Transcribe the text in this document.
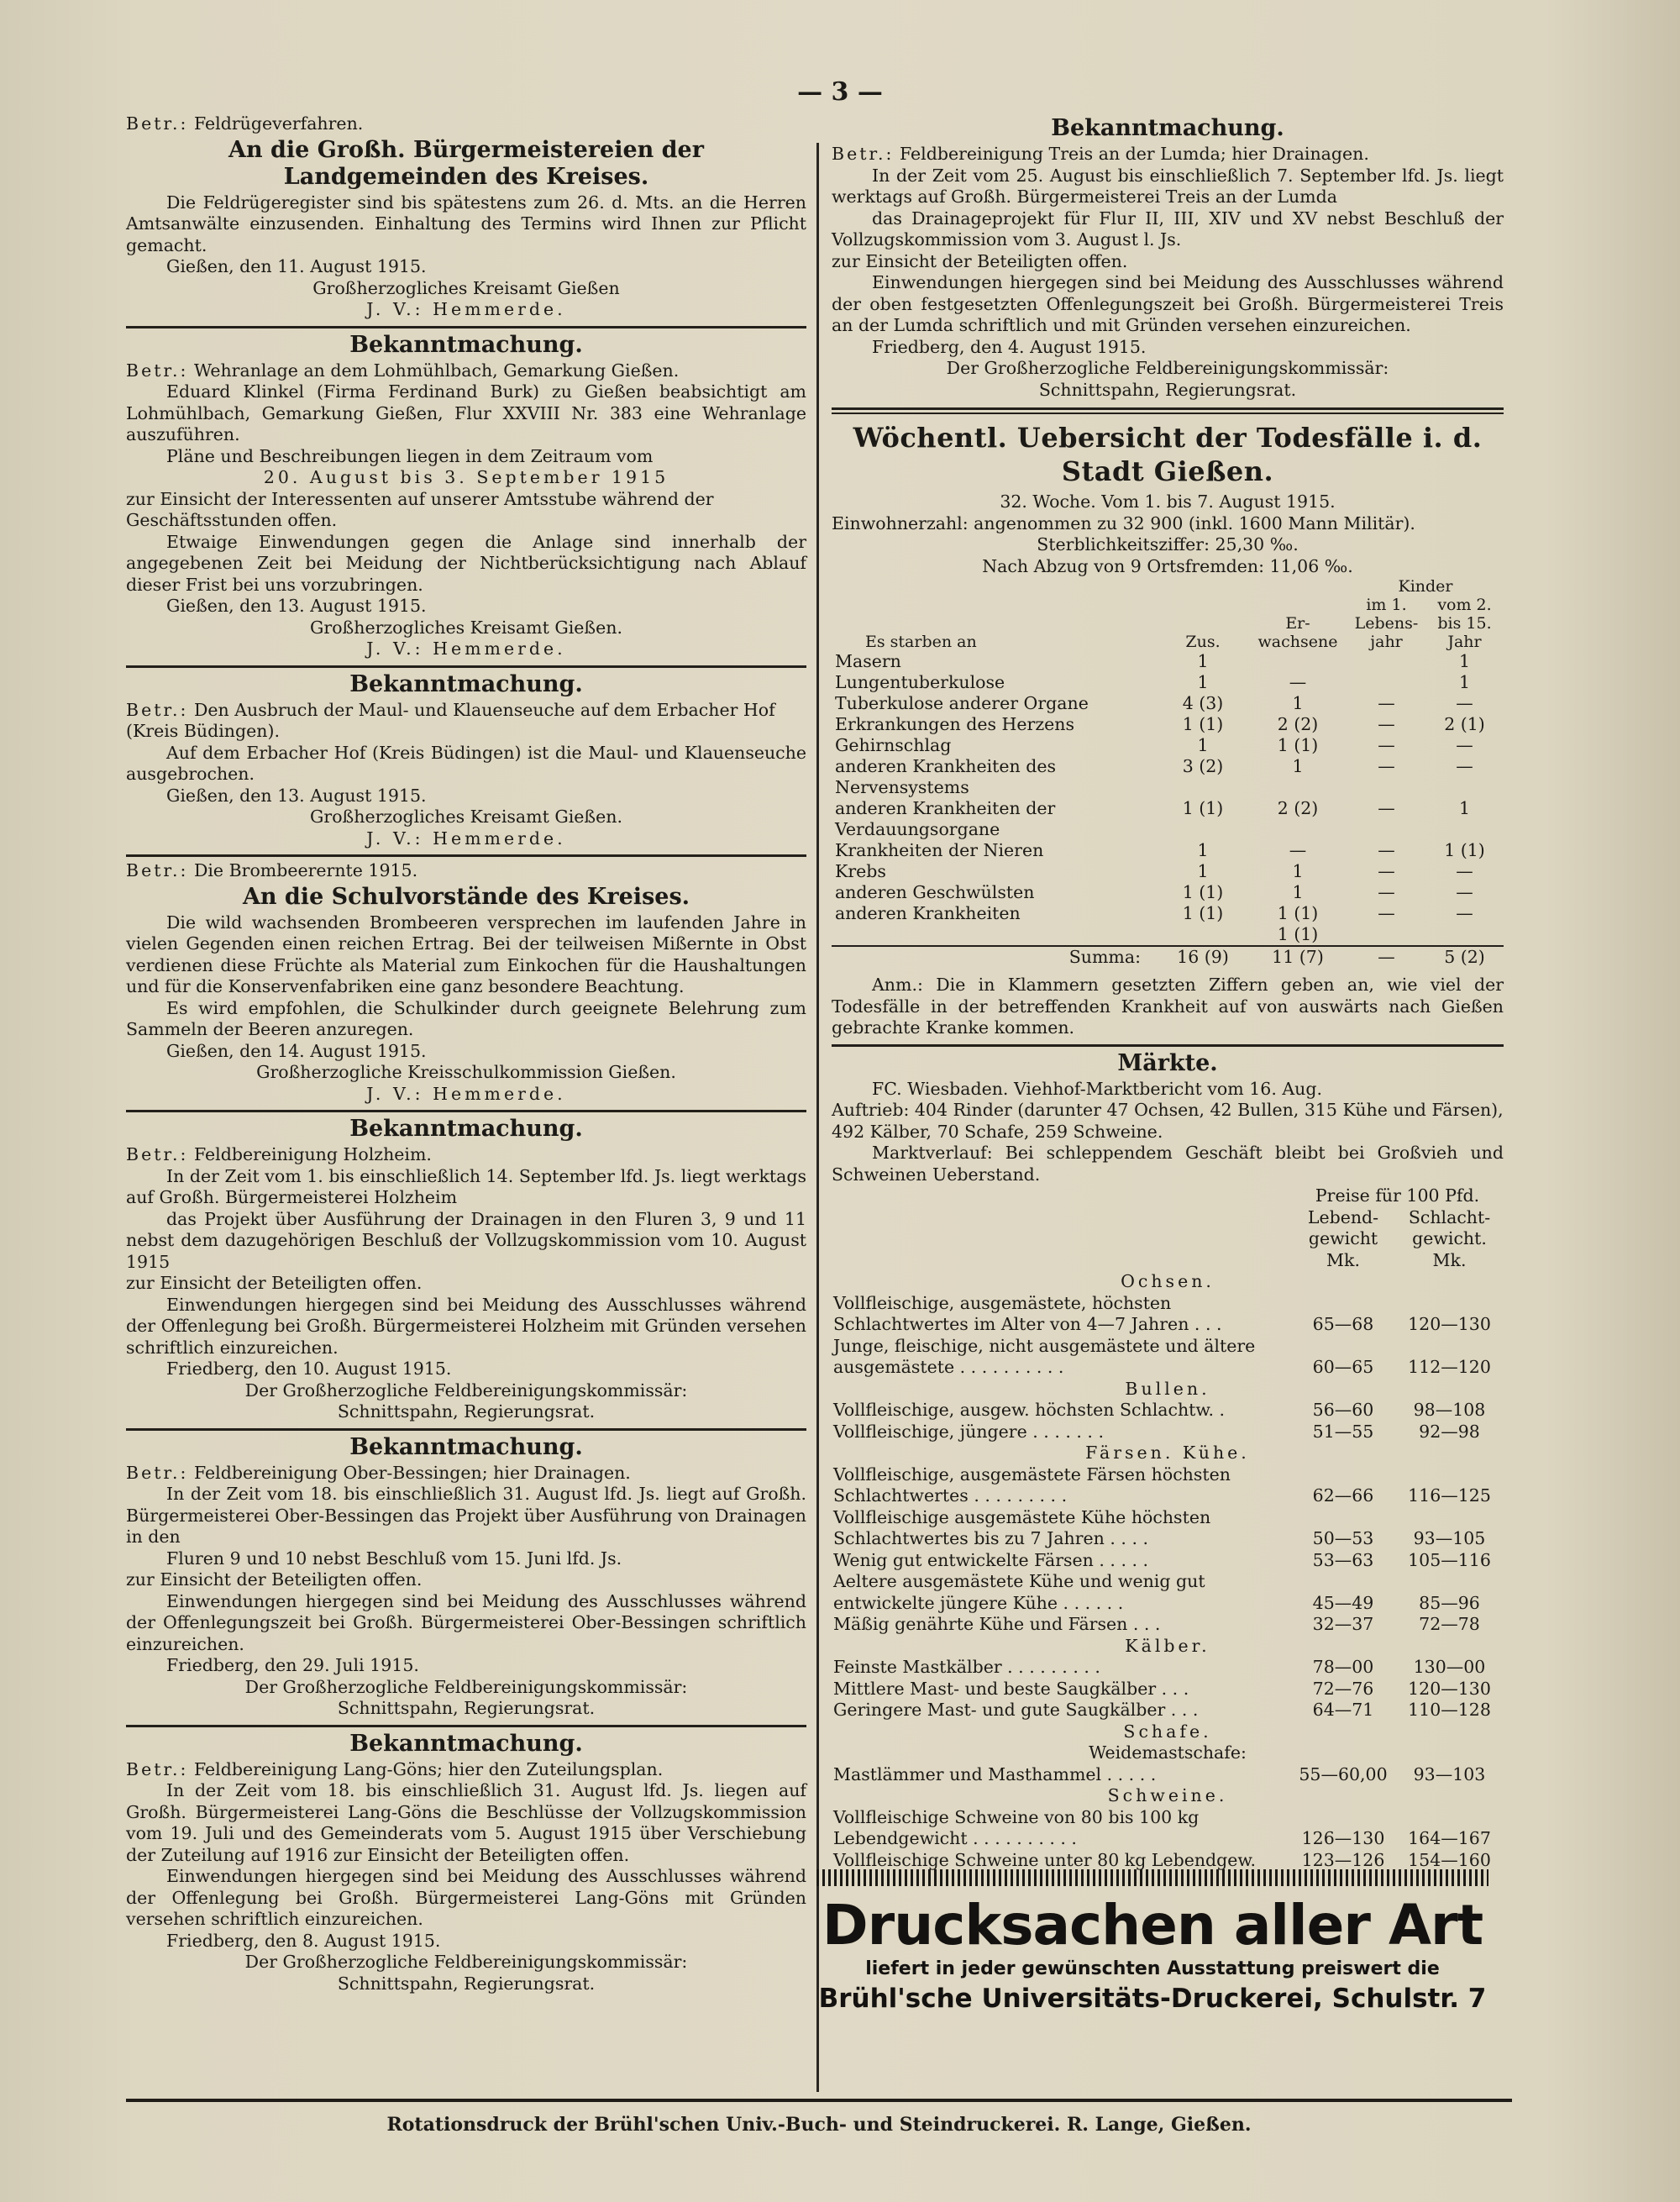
— 3 —

Betr.: Feldrügeverfahren.

An die Großh. Bürgermeistereien der Landgemeinden des Kreises.

Die Feldrügeregister sind bis spätestens zum 26. d. Mts. an die Herren Amtsanwälte einzusenden. Einhaltung des Termins wird Ihnen zur Pflicht gemacht.

Gießen, den 11. August 1915.

Großherzogliches Kreisamt Gießen

J. V.: Hemmerde.

Bekanntmachung.

Betr.: Wehranlage an dem Lohmühlbach, Gemarkung Gießen.

Eduard Klinkel (Firma Ferdinand Burk) zu Gießen beabsichtigt am Lohmühlbach, Gemarkung Gießen, Flur XXVIII Nr. 383 eine Wehranlage auszuführen.

Pläne und Beschreibungen liegen in dem Zeitraum vom

20. August bis 3. September 1915

zur Einsicht der Interessenten auf unserer Amtsstube während der Geschäftsstunden offen.

Etwaige Einwendungen gegen die Anlage sind innerhalb der angegebenen Zeit bei Meidung der Nichtberücksichtigung nach Ablauf dieser Frist bei uns vorzubringen.

Gießen, den 13. August 1915.

Großherzogliches Kreisamt Gießen.

J. V.: Hemmerde.

Bekanntmachung.

Betr.: Den Ausbruch der Maul- und Klauenseuche auf dem Erbacher Hof (Kreis Büdingen).

Auf dem Erbacher Hof (Kreis Büdingen) ist die Maul- und Klauenseuche ausgebrochen.

Gießen, den 13. August 1915.

Großherzogliches Kreisamt Gießen.

J. V.: Hemmerde.

Betr.: Die Brombeerernte 1915.

An die Schulvorstände des Kreises.

Die wild wachsenden Brombeeren versprechen im laufenden Jahre in vielen Gegenden einen reichen Ertrag. Bei der teilweisen Mißernte in Obst verdienen diese Früchte als Material zum Einkochen für die Haushaltungen und für die Konservenfabriken eine ganz besondere Beachtung.

Es wird empfohlen, die Schulkinder durch geeignete Belehrung zum Sammeln der Beeren anzuregen.

Gießen, den 14. August 1915.

Großherzogliche Kreisschulkommission Gießen.

J. V.: Hemmerde.

Bekanntmachung.

Betr.: Feldbereinigung Holzheim.

In der Zeit vom 1. bis einschließlich 14. September lfd. Js. liegt werktags auf Großh. Bürgermeisterei Holzheim

das Projekt über Ausführung der Drainagen in den Fluren 3, 9 und 11 nebst dem dazugehörigen Beschluß der Vollzugskommission vom 10. August 1915

zur Einsicht der Beteiligten offen.

Einwendungen hiergegen sind bei Meidung des Ausschlusses während der Offenlegung bei Großh. Bürgermeisterei Holzheim mit Gründen versehen schriftlich einzureichen.

Friedberg, den 10. August 1915.

Der Großherzogliche Feldbereinigungskommissär:

Schnittspahn, Regierungsrat.

Bekanntmachung.

Betr.: Feldbereinigung Ober-Bessingen; hier Drainagen.

In der Zeit vom 18. bis einschließlich 31. August lfd. Js. liegt auf Großh. Bürgermeisterei Ober-Bessingen das Projekt über Ausführung von Drainagen in den

Fluren 9 und 10 nebst Beschluß vom 15. Juni lfd. Js.

zur Einsicht der Beteiligten offen.

Einwendungen hiergegen sind bei Meidung des Ausschlusses während der Offenlegungszeit bei Großh. Bürgermeisterei Ober-Bessingen schriftlich einzureichen.

Friedberg, den 29. Juli 1915.

Der Großherzogliche Feldbereinigungskommissär:

Schnittspahn, Regierungsrat.

Bekanntmachung.

Betr.: Feldbereinigung Lang-Göns; hier den Zuteilungsplan.

In der Zeit vom 18. bis einschließlich 31. August lfd. Js. liegen auf Großh. Bürgermeisterei Lang-Göns die Beschlüsse der Vollzugskommission vom 19. Juli und des Gemeinderats vom 5. August 1915 über Verschiebung der Zuteilung auf 1916 zur Einsicht der Beteiligten offen.

Einwendungen hiergegen sind bei Meidung des Ausschlusses während der Offenlegung bei Großh. Bürgermeisterei Lang-Göns mit Gründen versehen schriftlich einzureichen.

Friedberg, den 8. August 1915.

Der Großherzogliche Feldbereinigungskommissär:

Schnittspahn, Regierungsrat.

Bekanntmachung.

Betr.: Feldbereinigung Treis an der Lumda; hier Drainagen.

In der Zeit vom 25. August bis einschließlich 7. September lfd. Js. liegt werktags auf Großh. Bürgermeisterei Treis an der Lumda

das Drainageprojekt für Flur II, III, XIV und XV nebst Beschluß der Vollzugskommission vom 3. August l. Js.

zur Einsicht der Beteiligten offen.

Einwendungen hiergegen sind bei Meidung des Ausschlusses während der oben festgesetzten Offenlegungszeit bei Großh. Bürgermeisterei Treis an der Lumda schriftlich und mit Gründen versehen einzureichen.

Friedberg, den 4. August 1915.

Der Großherzogliche Feldbereinigungskommissär:

Schnittspahn, Regierungsrat.

Wöchentl. Uebersicht der Todesfälle i. d. Stadt Gießen.

32. Woche. Vom 1. bis 7. August 1915.

Einwohnerzahl: angenommen zu 32 900 (inkl. 1600 Mann Militär).

Sterblichkeitsziffer: 25,30 ‰.

Nach Abzug von 9 Ortsfremden: 11,06 ‰.

Es starben an	Zus.	Er-wachsene	Kinder	
			im 1. Lebens-jahr	vom 2. bis 15. Jahr
Masern	1			1
Lungentuberkulose	1	—		1
Tuberkulose anderer Organe	4 (3)	1	—	—
Erkrankungen des Herzens	1 (1)	2 (2)	—	2 (1)
Gehirnschlag	1	1 (1)	—	—
anderen Krankheiten des Nervensystems	3 (2)	1	—	—
anderen Krankheiten der Verdauungsorgane	1 (1)	2 (2)	—	1
Krankheiten der Nieren	1	—	—	1 (1)
Krebs	1	1	—	—
anderen Geschwülsten	1 (1)	1	—	—
anderen Krankheiten	1 (1)	1 (1)	—	—
		1 (1)		
Summa:	16 (9)	11 (7)	—	5 (2)

Anm.: Die in Klammern gesetzten Ziffern geben an, wie viel der Todesfälle in der betreffenden Krankheit auf von auswärts nach Gießen gebrachte Kranke kommen.

Märkte.

FC. Wiesbaden. Viehhof-Marktbericht vom 16. Aug.

Auftrieb: 404 Rinder (darunter 47 Ochsen, 42 Bullen, 315 Kühe und Färsen), 492 Kälber, 70 Schafe, 259 Schweine.

Marktverlauf: Bei schleppendem Geschäft bleibt bei Großvieh und Schweinen Ueberstand.

	Preise für 100 Pfd.	
	Lebend-gewicht	Schlacht-gewicht.
	Mk.	Mk.
Ochsen.		
Vollfleischige, ausgemästete, höchsten Schlachtwertes im Alter von 4—7 Jahren . . .	65—68	120—130
Junge, fleischige, nicht ausgemästete und ältere ausgemästete . . . . . . . . . .	60—65	112—120
Bullen.		
Vollfleischige, ausgew. höchsten Schlachtw. .	56—60	98—108
Vollfleischige, jüngere . . . . . . .	51—55	92—98
Färsen. Kühe.		
Vollfleischige, ausgemästete Färsen höchsten Schlachtwertes . . . . . . . . .	62—66	116—125
Vollfleischige ausgemästete Kühe höchsten Schlachtwertes bis zu 7 Jahren . . . .	50—53	93—105
Wenig gut entwickelte Färsen . . . . .	53—63	105—116
Aeltere ausgemästete Kühe und wenig gut entwickelte jüngere Kühe . . . . . .	45—49	85—96
Mäßig genährte Kühe und Färsen . . .	32—37	72—78
Kälber.		
Feinste Mastkälber . . . . . . . . .	78—00	130—00
Mittlere Mast- und beste Saugkälber . . .	72—76	120—130
Geringere Mast- und gute Saugkälber . . .	64—71	110—128
Schafe.		
Weidemastschafe:		
Mastlämmer und Masthammel . . . . .	55—60,00	93—103
Schweine.		
Vollfleischige Schweine von 80 bis 100 kg Lebendgewicht . . . . . . . . . .	126—130	164—167
Vollfleischige Schweine unter 80 kg Lebendgew.	123—126	154—160
Drucksachen aller Art
liefert in jeder gewünschten Ausstattung preiswert die
Brühl'sche Universitäts-Druckerei, Schulstr. 7
Rotationsdruck der Brühl'schen Univ.-Buch- und Steindruckerei. R. Lange, Gießen.
